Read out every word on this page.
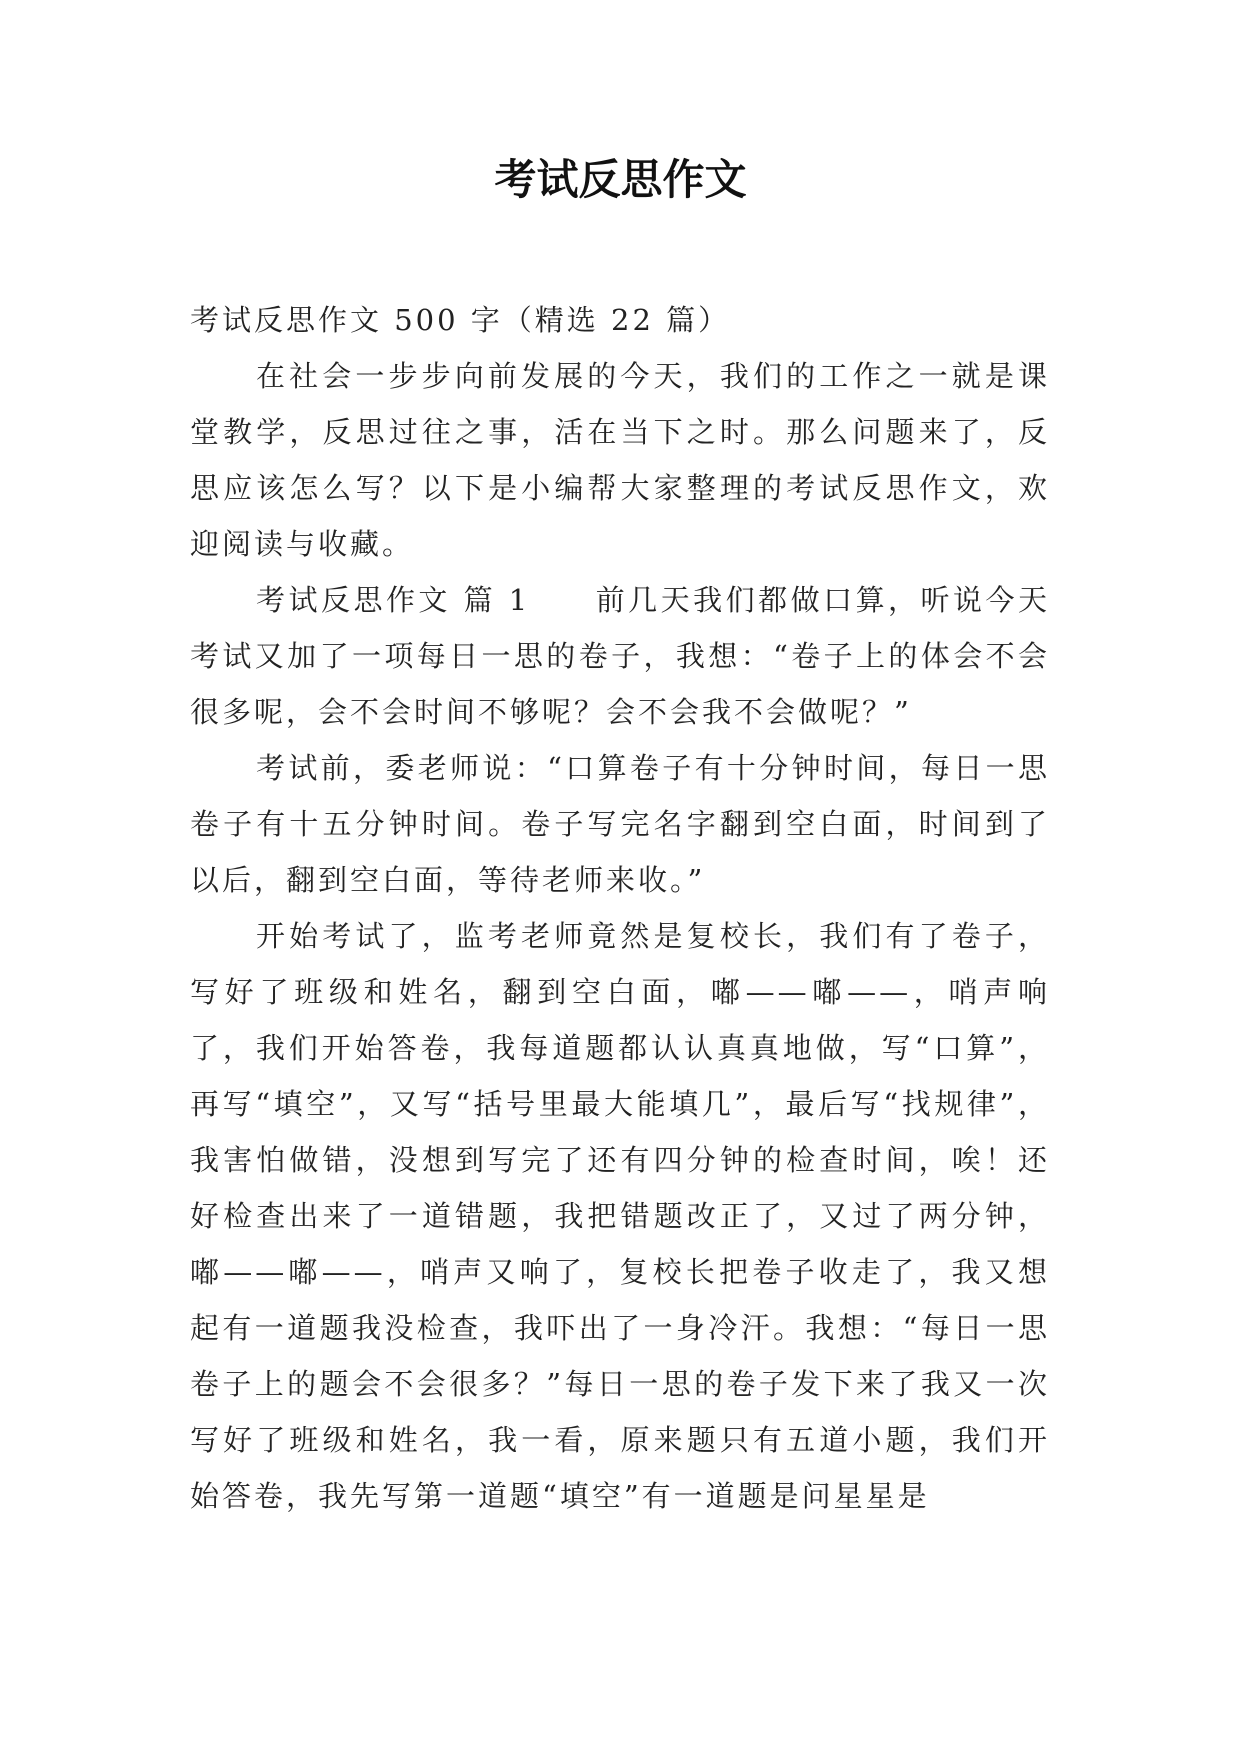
考试反思作文

考试反思作文 500 字（精选 22 篇）

在社会一步步向前发展的今天，我们的工作之一就是课堂教学，反思过往之事，活在当下之时。那么问题来了，反思应该怎么写？以下是小编帮大家整理的考试反思作文，欢迎阅读与收藏。

考试反思作文 篇 1　　前几天我们都做口算，听说今天考试又加了一项每日一思的卷子，我想：“卷子上的体会不会很多呢，会不会时间不够呢？会不会我不会做呢？”

考试前，委老师说：“口算卷子有十分钟时间，每日一思卷子有十五分钟时间。卷子写完名字翻到空白面，时间到了以后，翻到空白面，等待老师来收。”

开始考试了，监考老师竟然是复校长，我们有了卷子，写好了班级和姓名，翻到空白面，嘟——嘟——，哨声响了，我们开始答卷，我每道题都认认真真地做，写“口算”，再写“填空”，又写“括号里最大能填几”，最后写“找规律”，我害怕做错，没想到写完了还有四分钟的检查时间，唉！还好检查出来了一道错题，我把错题改正了，又过了两分钟，嘟——嘟——，哨声又响了，复校长把卷子收走了，我又想起有一道题我没检查，我吓出了一身冷汗。我想：“每日一思卷子上的题会不会很多？”每日一思的卷子发下来了我又一次写好了班级和姓名，我一看，原来题只有五道小题，我们开始答卷，我先写第一道题“填空”有一道题是问星星是
